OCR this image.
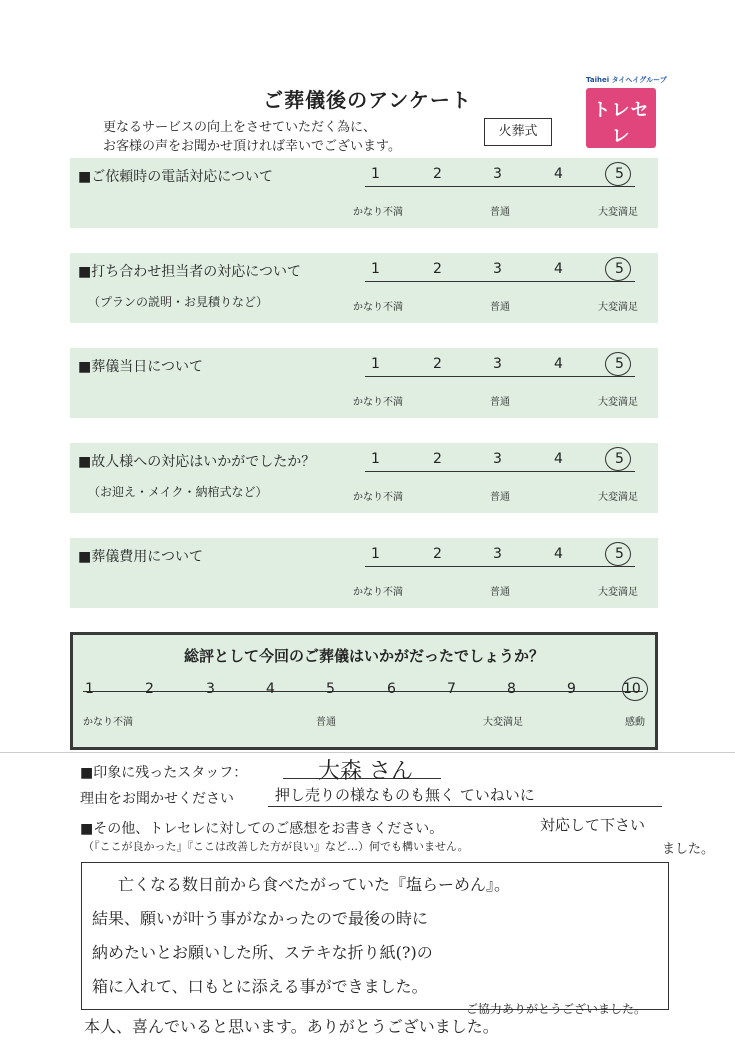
ご葬儀後のアンケート
更なるサービスの向上をさせていただく為に、
お客様の声をお聞かせ頂ければ幸いでございます。
火葬式
Taihei タイヘイグループ
トレセレ
■ご依頼時の電話対応について	1	2	3	4	5
かなり不満	普通	大変満足
■打ち合わせ担当者の対応について
（プランの説明・お見積りなど）
1	2	3	4	5
かなり不満	普通	大変満足
■葬儀当日について	1	2	3	4	5
かなり不満	普通	大変満足
■故人様への対応はいかがでしたか？
（お迎え・メイク・納棺式など）
1	2	3	4	5
かなり不満	普通	大変満足
■葬儀費用について	1	2	3	4	5
かなり不満	普通	大変満足
総評として今回のご葬儀はいかがだったでしょうか？
1	2	3	4	5	6	7	8	9	10
かなり不満	普通	大変満足	感動
■印象に残ったスタッフ：	大森 さん
理由をお聞かせください	押し売りの様なものも無く ていねいに
対応して下さい
ました。
■その他、トレセレに対してのご感想をお書きください。
（『ここが良かった』『ここは改善した方が良い』など…）何でも構いません。
亡くなる数日前から食べたがっていた『塩らーめん』。
結果、願いが叶う事がなかったので最後の時に
納めたいとお願いした所、ステキな折り紙(?)の
箱に入れて、口もとに添える事ができました。
本人、喜んでいると思います。ありがとうございました。
ご協力ありがとうございました。
